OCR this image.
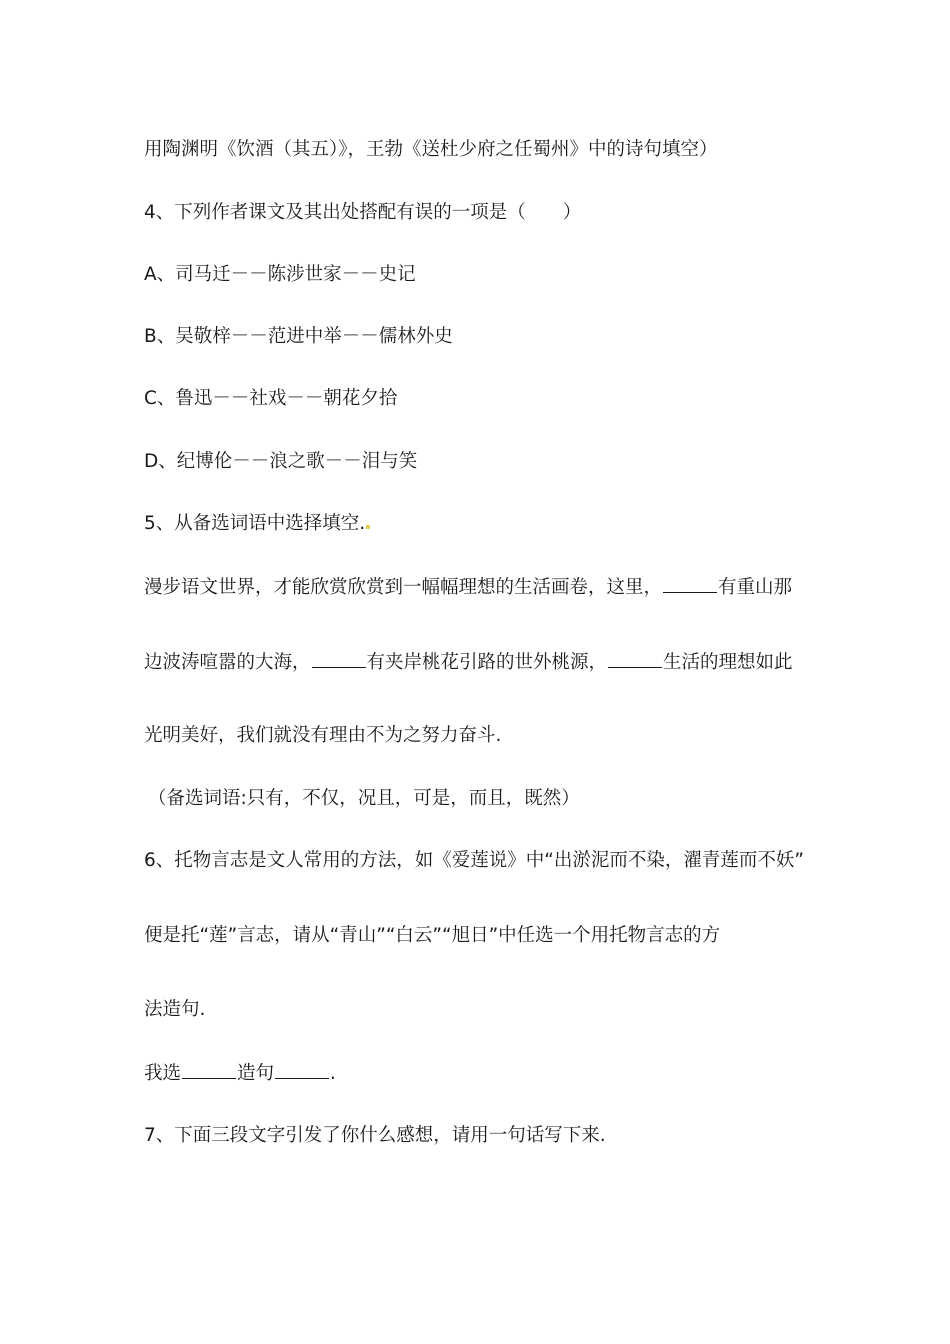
用陶渊明《饮酒（其五）》，王勃《送杜少府之任蜀州》中的诗句填空）
4、下列作者课文及其出处搭配有误的一项是（　　）
A、司马迁－－陈涉世家－－史记
B、吴敬梓－－范进中举－－儒林外史
C、鲁迅－－社戏－－朝花夕拾
D、纪博伦－－浪之歌－－泪与笑
5、从备选词语中选择填空.
漫步语文世界，才能欣赏欣赏到一幅幅理想的生活画卷，这里，	有重山那
边波涛喧嚣的大海，	有夹岸桃花引路的世外桃源，	生活的理想如此
光明美好，我们就没有理由不为之努力奋斗.
（备选词语:只有，不仅，况且，可是，而且，既然）
6、托物言志是文人常用的方法，如《爱莲说》中“出淤泥而不染，濯青莲而不妖”
便是托“莲”言志，请从“青山”“白云”“旭日”中任选一个用托物言志的方
法造句.
我选	造句	.
7、下面三段文字引发了你什么感想，请用一句话写下来.
